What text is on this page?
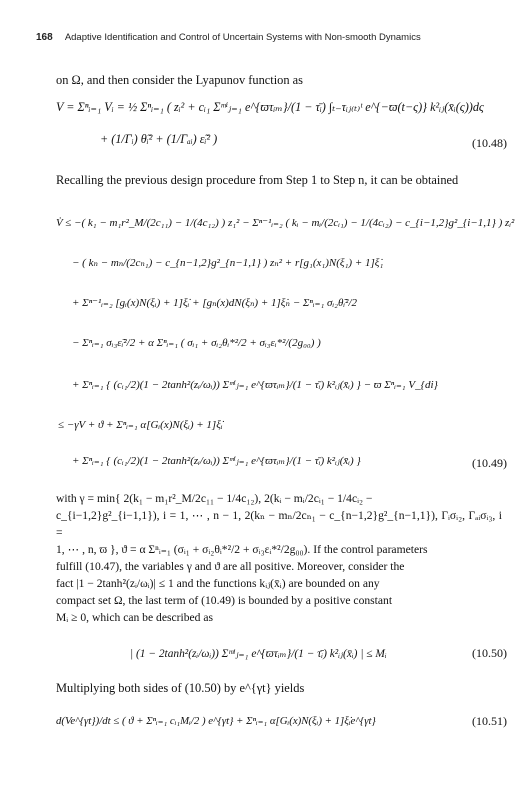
168 Adaptive Identification and Control of Uncertain Systems with Non-smooth Dynamics
on Ω, and then consider the Lyapunov function as
V = Σⁿᵢ₌₁ Vᵢ = ½ Σⁿᵢ₌₁ ( zᵢ² + cᵢ₁ Σᵐⁱⱼ₌₁ e^{ϖτᵢₘ}/(1 − τ̄ᵢ) ∫ₜ₋τᵢⱼ₍ₜ₎ᵗ e^{−ϖ(t−ς)} k²ᵢⱼ(x̄ᵢ(ς))dς
+ (1/Γᵢ) θ̃ᵢ² + (1/Γₐᵢ) ε̃ᵢ² )	(10.48)
Recalling the previous design procedure from Step 1 to Step n, it can be obtained
V̇ ≤ −( k₁ − m₁r²_M/(2c₁₁) − 1/(4c₁₂) ) z₁² − Σⁿ⁻¹ᵢ₌₂ ( kᵢ − mᵢ/(2cᵢ₁) − 1/(4cᵢ₂) − c_{i−1,2}g²_{i−1,1} ) zᵢ²
− ( kₙ − mₙ/(2cₙ₁) − c_{n−1,2}g²_{n−1,1} ) zₙ² + r[g₁(x₁)N(ξ₁) + 1]ξ̇₁
+ Σⁿ⁻¹ᵢ₌₂ [gᵢ(x)N(ξᵢ) + 1]ξ̇ᵢ + [gₙ(x)dN(ξₙ) + 1]ξ̇ₙ − Σⁿᵢ₌₁ σᵢ₂θ̃ᵢ²/2
− Σⁿᵢ₌₁ σᵢ₃ε̃ᵢ²/2 + α Σⁿᵢ₌₁ ( σᵢ₁ + σᵢ₂θᵢ*²/2 + σᵢ₃εᵢ*²/(2g₀₀) )
+ Σⁿᵢ₌₁ { (cᵢ₁/2)(1 − 2tanh²(zᵢ/ωᵢ)) Σᵐⁱⱼ₌₁ e^{ϖτᵢₘ}/(1 − τ̄ᵢ) k²ᵢⱼ(x̄ᵢ) } − ϖ Σⁿᵢ₌₁ V_{di}
≤ −γV + ϑ + Σⁿᵢ₌₁ α[Gᵢ(x)N(ξᵢ) + 1]ξ̇ᵢ
+ Σⁿᵢ₌₁ { (cᵢ₁/2)(1 − 2tanh²(zᵢ/ωᵢ)) Σᵐⁱⱼ₌₁ e^{ϖτᵢₘ}/(1 − τ̄ᵢ) k²ᵢⱼ(x̄ᵢ) }	(10.49)
with γ = min{ 2(k₁ − m₁r²_M/2c₁₁ − 1/4c₁₂), 2(kᵢ − mᵢ/2cᵢ₁ − 1/4cᵢ₂ −
c_{i−1,2}g²_{i−1,1}), i = 1, ⋯ , n − 1, 2(kₙ − mₙ/2cₙ₁ − c_{n−1,2}g²_{n−1,1}), Γᵢσᵢ₂, Γₐᵢσᵢ₃, i =
1, ⋯ , n, ϖ }, ϑ = α Σⁿᵢ₌₁ (σᵢ₁ + σᵢ₂θᵢ*²/2 + σᵢ₃εᵢ*²/2g₀₀). If the control parameters
fulfill (10.47), the variables γ and ϑ are all positive. Moreover, consider the
fact |1 − 2tanh²(zᵢ/ωᵢ)| ≤ 1 and the functions kᵢⱼ(x̄ᵢ) are bounded on any
compact set Ω, the last term of (10.49) is bounded by a positive constant
Mᵢ ≥ 0, which can be described as
| (1 − 2tanh²(zᵢ/ωᵢ)) Σᵐⁱⱼ₌₁ e^{ϖτᵢₘ}/(1 − τ̄ᵢ) k²ᵢⱼ(x̄ᵢ) | ≤ Mᵢ	(10.50)
Multiplying both sides of (10.50) by e^{γt} yields
d(Ve^{γt})/dt ≤ ( ϑ + Σⁿᵢ₌₁ cᵢ₁Mᵢ/2 ) e^{γt} + Σⁿᵢ₌₁ α[Gᵢ(x)N(ξᵢ) + 1]ξ̇ᵢe^{γt}	(10.51)
